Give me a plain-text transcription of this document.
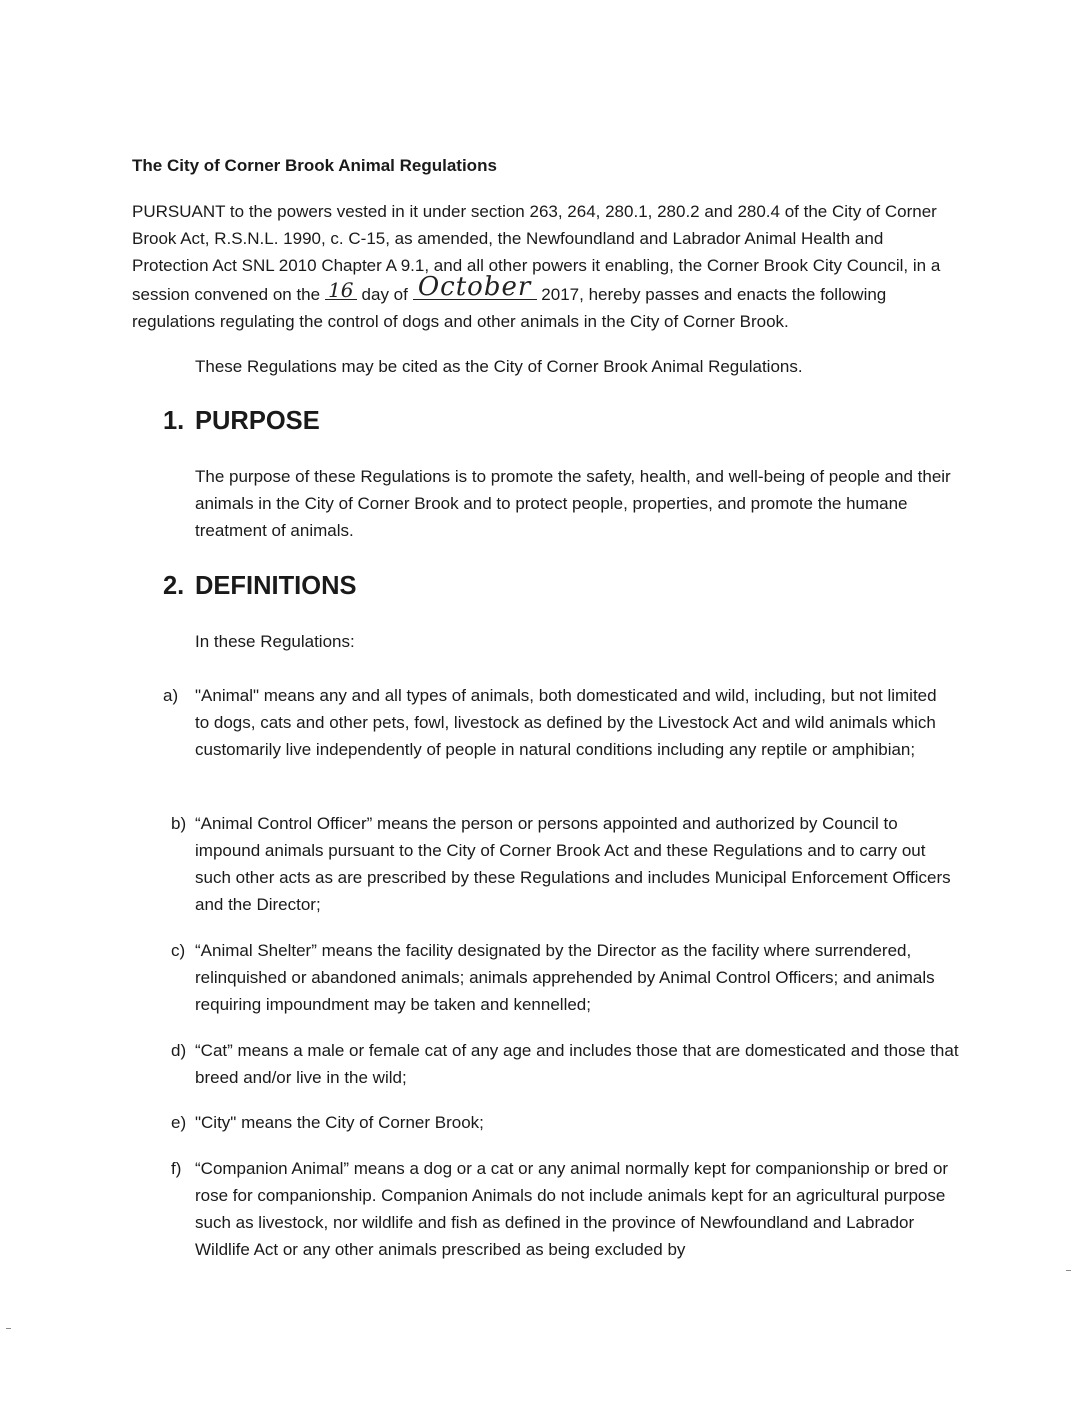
The City of Corner Brook Animal Regulations

PURSUANT to the powers vested in it under section 263, 264, 280.1, 280.2 and 280.4 of the City of Corner Brook Act, R.S.N.L. 1990, c. C-15, as amended, the Newfoundland and Labrador Animal Health and Protection Act SNL 2010 Chapter A 9.1, and all other powers it enabling, the Corner Brook City Council, in a session convened on the 16 day of October 2017, hereby passes and enacts the following regulations regulating the control of dogs and other animals in the City of Corner Brook.

These Regulations may be cited as the City of Corner Brook Animal Regulations.

1. PURPOSE

The purpose of these Regulations is to promote the safety, health, and well-being of people and their animals in the City of Corner Brook and to protect people, properties, and promote the humane treatment of animals.

2. DEFINITIONS

In these Regulations:

a) "Animal" means any and all types of animals, both domesticated and wild, including, but not limited to dogs, cats and other pets, fowl, livestock as defined by the Livestock Act and wild animals which customarily live independently of people in natural conditions including any reptile or amphibian;
b) “Animal Control Officer” means the person or persons appointed and authorized by Council to impound animals pursuant to the City of Corner Brook Act and these Regulations and to carry out such other acts as are prescribed by these Regulations and includes Municipal Enforcement Officers and the Director;
c) “Animal Shelter” means the facility designated by the Director as the facility where surrendered, relinquished or abandoned animals; animals apprehended by Animal Control Officers; and animals requiring impoundment may be taken and kennelled;
d) “Cat” means a male or female cat of any age and includes those that are domesticated and those that breed and/or live in the wild;
e) "City" means the City of Corner Brook;
f) “Companion Animal” means a dog or a cat or any animal normally kept for companionship or bred or rose for companionship. Companion Animals do not include animals kept for an agricultural purpose such as livestock, nor wildlife and fish as defined in the province of Newfoundland and Labrador Wildlife Act or any other animals prescribed as being excluded by
